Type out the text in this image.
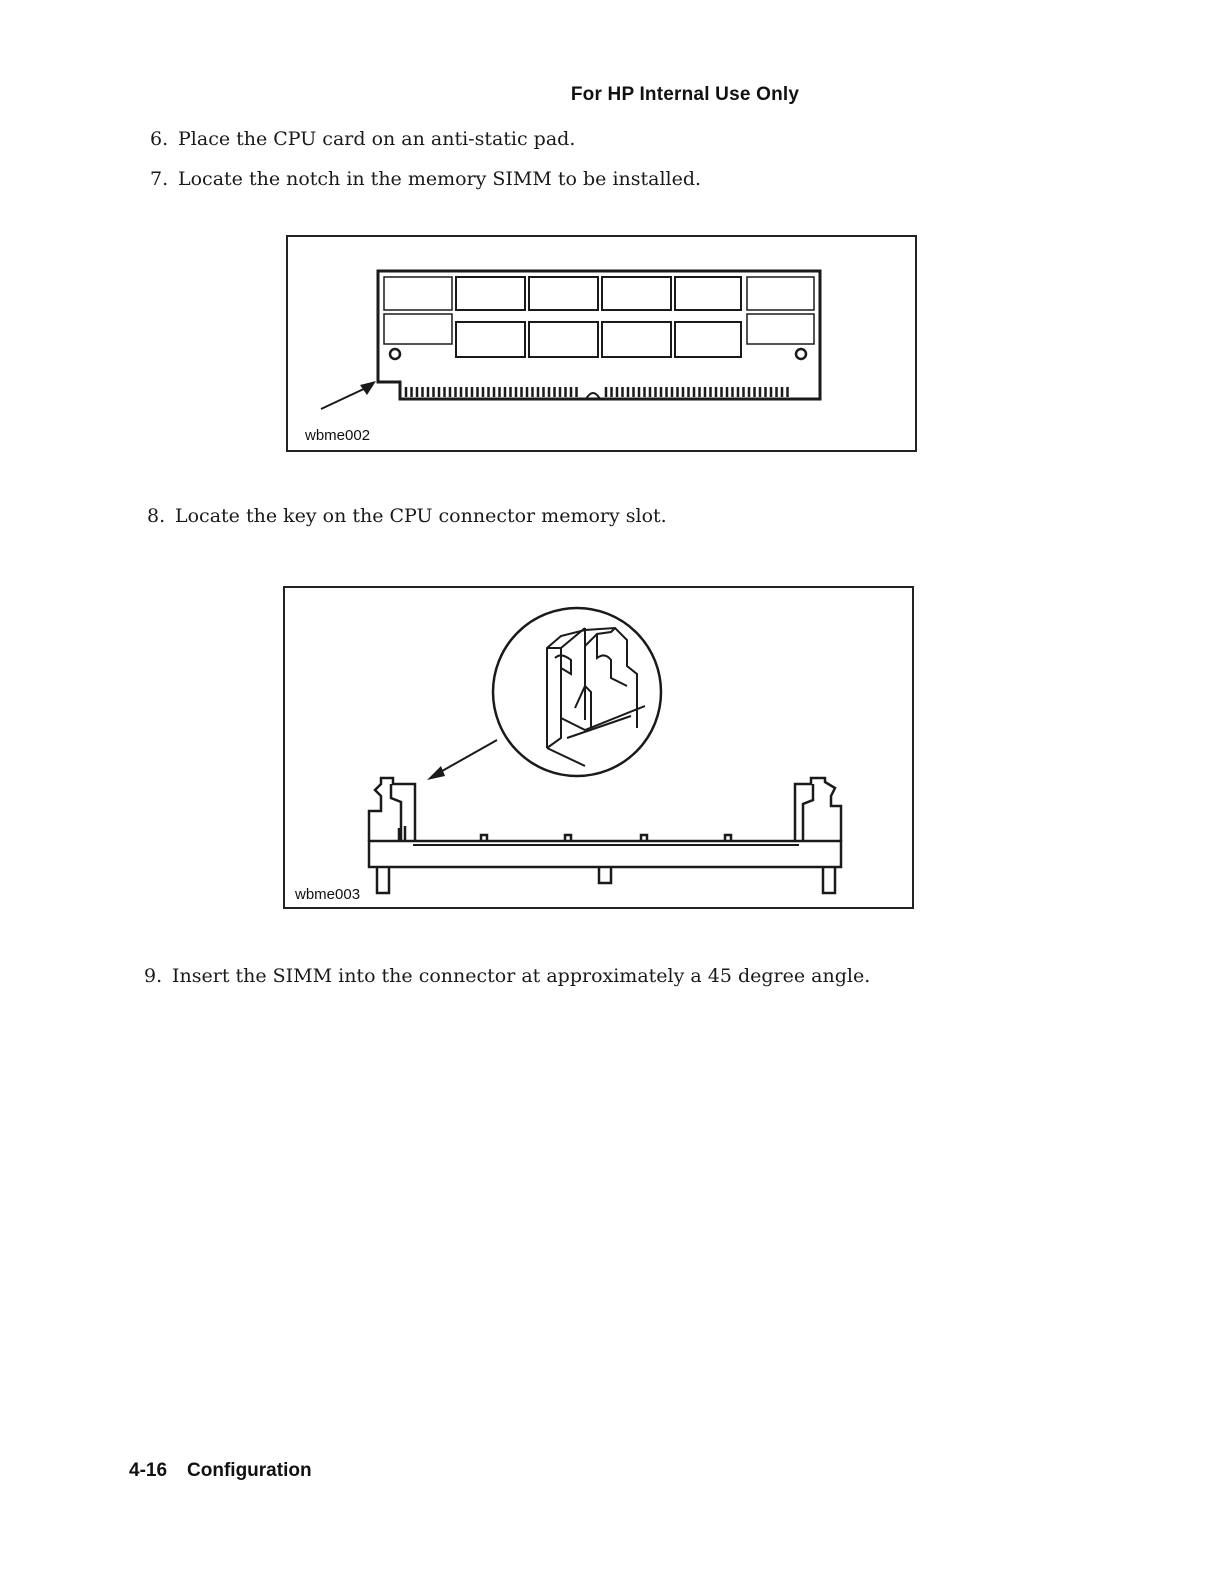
For HP Internal Use Only
6. Place the CPU card on an anti-static pad.
7. Locate the notch in the memory SIMM to be installed.
wbme002
8. Locate the key on the CPU connector memory slot.
wbme003
9. Insert the SIMM into the connector at approximately a 45 degree angle.
4-16 Configuration
